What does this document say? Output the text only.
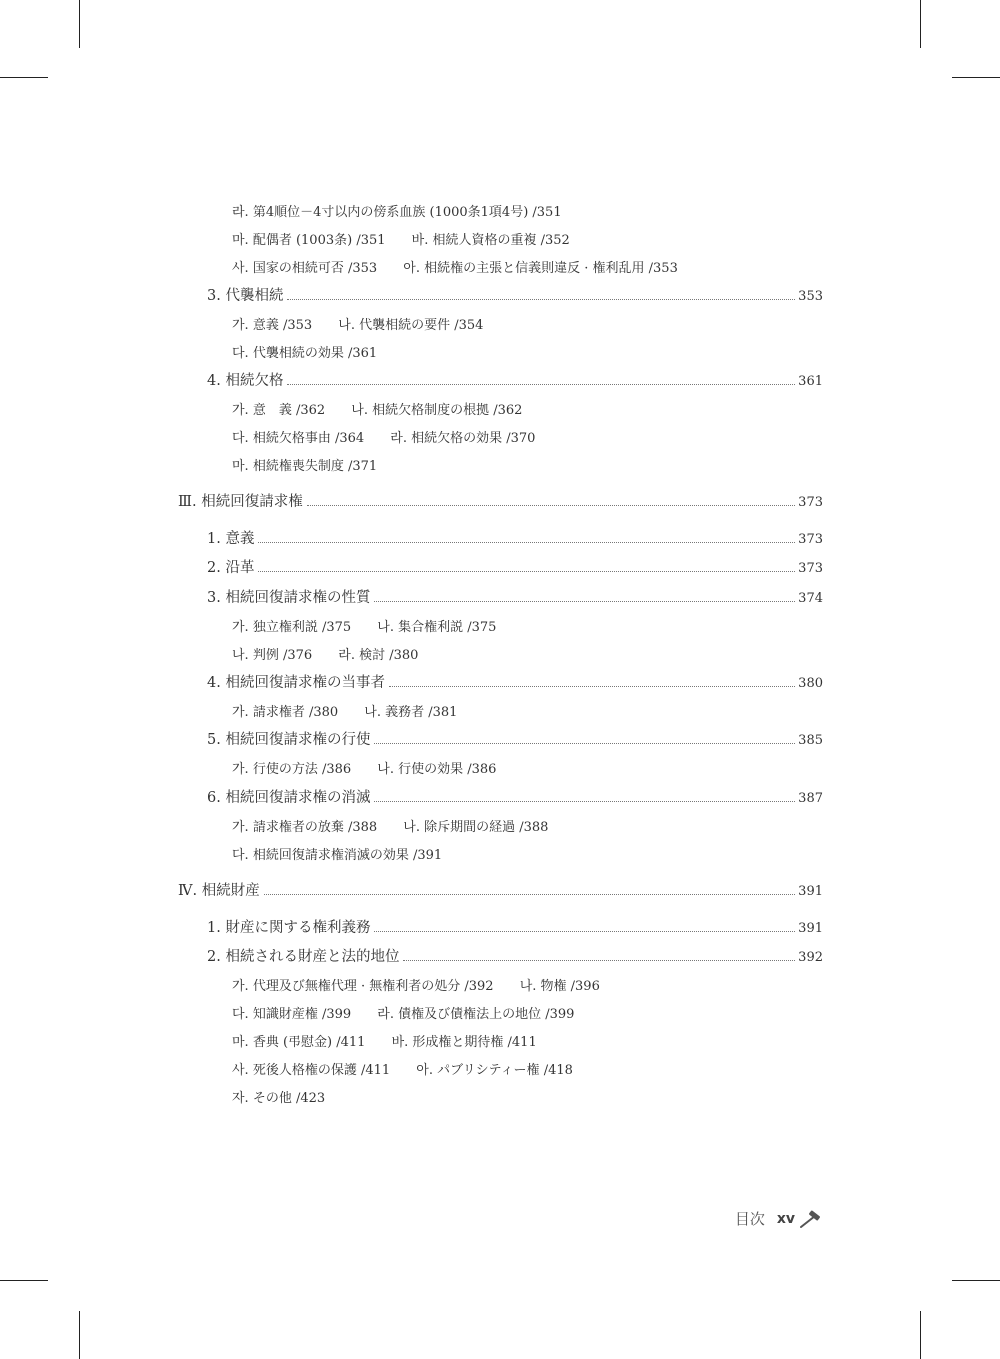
라. 第4順位－4寸以内の傍系血族 (1000条1項4号) /351
마. 配偶者 (1003条) /351 바. 相続人資格の重複 /352
사. 国家の相続可否 /353 아. 相続権の主張と信義則違反 · 権利乱用 /353
3. 代襲相続	353
가. 意義 /353 나. 代襲相続の要件 /354
다. 代襲相続の効果 /361
4. 相続欠格	361
가. 意　義 /362 나. 相続欠格制度の根拠 /362
다. 相続欠格事由 /364 라. 相続欠格の効果 /370
마. 相続権喪失制度 /371
Ⅲ. 相続回復請求権	373
1. 意義	373
2. 沿革	373
3. 相続回復請求権の性質	374
가. 独立権利説 /375 나. 集合権利説 /375
나. 判例 /376 라. 検討 /380
4. 相続回復請求権の当事者	380
가. 請求権者 /380 나. 義務者 /381
5. 相続回復請求権の行使	385
가. 行使の方法 /386 나. 行使の効果 /386
6. 相続回復請求権の消滅	387
가. 請求権者の放棄 /388 나. 除斥期間の経過 /388
다. 相続回復請求権消滅の効果 /391
Ⅳ. 相続財産	391
1. 財産に関する権利義務	391
2. 相続される財産と法的地位	392
가. 代理及び無権代理 · 無権利者の処分 /392 나. 物権 /396
다. 知識財産権 /399 라. 債権及び債権法上の地位 /399
마. 香典 (弔慰金) /411 바. 形成権と期待権 /411
사. 死後人格権の保護 /411 아. パブリシティー権 /418
자. その他 /423
目次 xv
